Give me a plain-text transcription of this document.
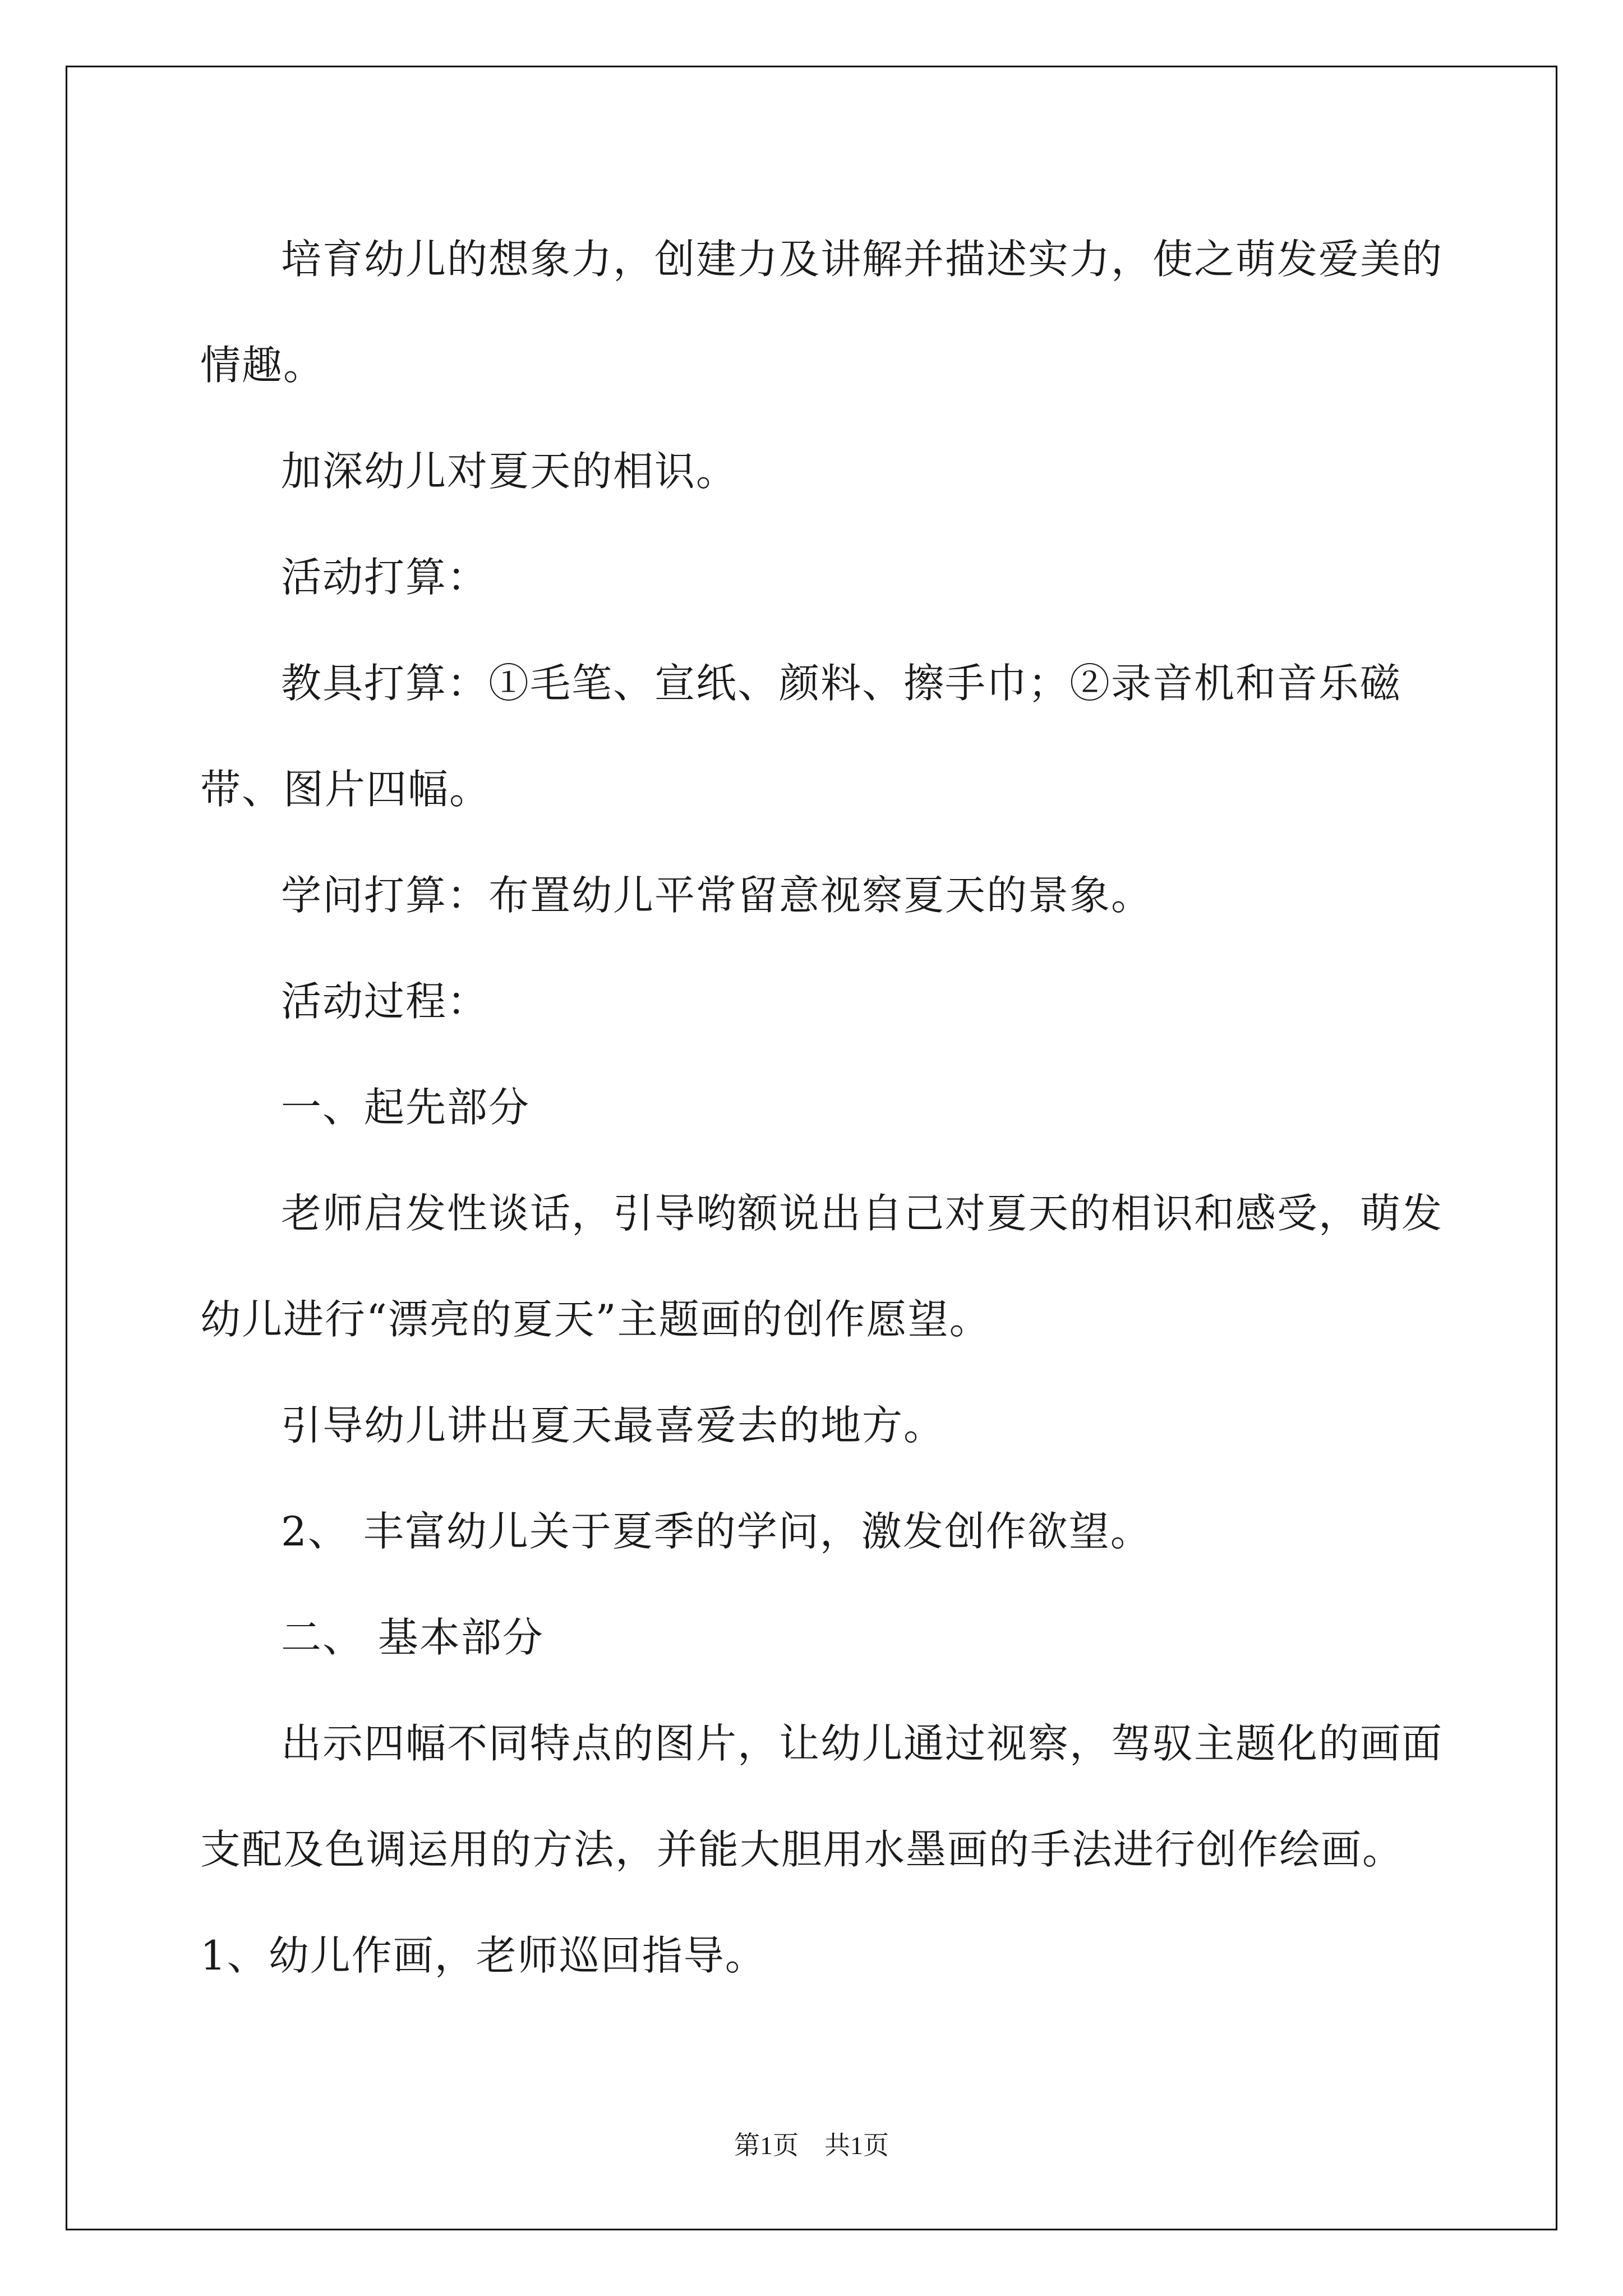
培育幼儿的想象力，创建力及讲解并描述实力，使之萌发爱美的情趣。

加深幼儿对夏天的相识。

活动打算：

教具打算：①毛笔、宣纸、颜料、擦手巾；②录音机和音乐磁带、图片四幅。

学问打算：布置幼儿平常留意视察夏天的景象。

活动过程：

一、起先部分

老师启发性谈话，引导哟额说出自己对夏天的相识和感受，萌发幼儿进行“漂亮的夏天”主题画的创作愿望。

引导幼儿讲出夏天最喜爱去的地方。

2、 丰富幼儿关于夏季的学问，激发创作欲望。

二、 基本部分

出示四幅不同特点的图片，让幼儿通过视察，驾驭主题化的画面支配及色调运用的方法，并能大胆用水墨画的手法进行创作绘画。1、幼儿作画，老师巡回指导。

第1页　共1页
